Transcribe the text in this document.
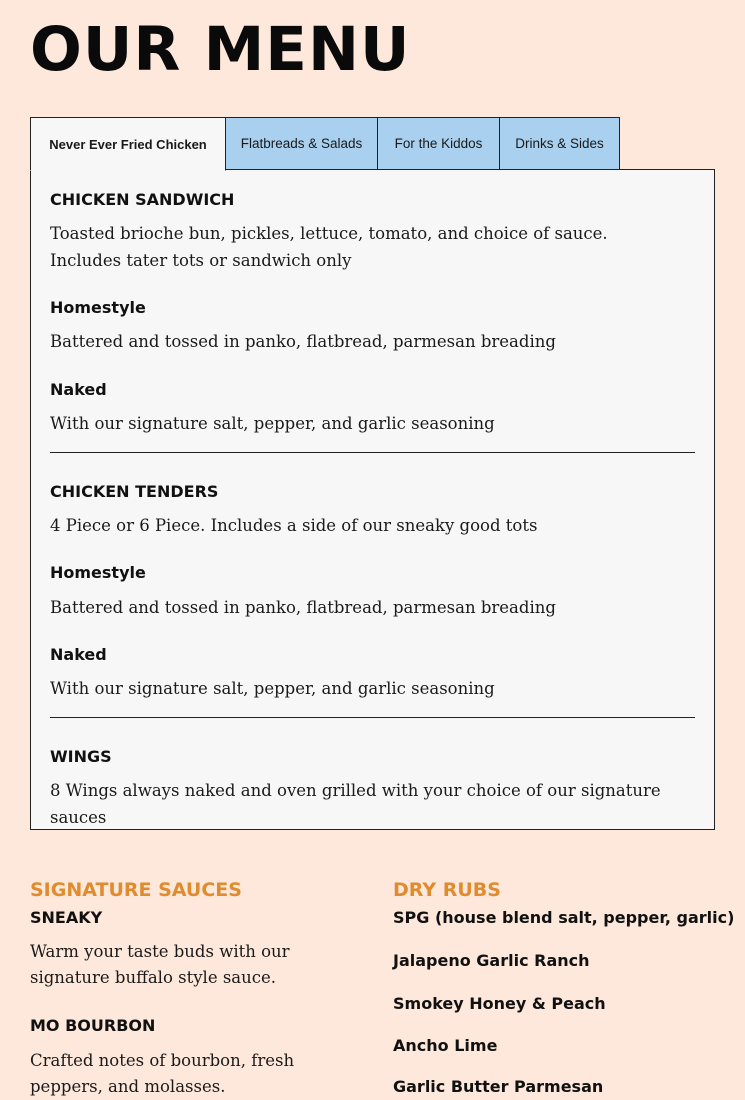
OUR MENU
Never Ever Fried Chicken	Flatbreads & Salads	For the Kiddos	Drinks & Sides
CHICKEN SANDWICH
Toasted brioche bun, pickles, lettuce, tomato, and choice of sauce.
Includes tater tots or sandwich only
Homestyle
Battered and tossed in panko, flatbread, parmesan breading
Naked
With our signature salt, pepper, and garlic seasoning
CHICKEN TENDERS
4 Piece or 6 Piece. Includes a side of our sneaky good tots
Homestyle
Battered and tossed in panko, flatbread, parmesan breading
Naked
With our signature salt, pepper, and garlic seasoning
WINGS
8 Wings always naked and oven grilled with your choice of our signature sauces
SIGNATURE SAUCES
SNEAKY
Warm your taste buds with our signature buffalo style sauce.
MO BOURBON
Crafted notes of bourbon, fresh peppers, and molasses.
DRY RUBS
SPG (house blend salt, pepper, garlic)
Jalapeno Garlic Ranch
Smokey Honey & Peach
Ancho Lime
Garlic Butter Parmesan
